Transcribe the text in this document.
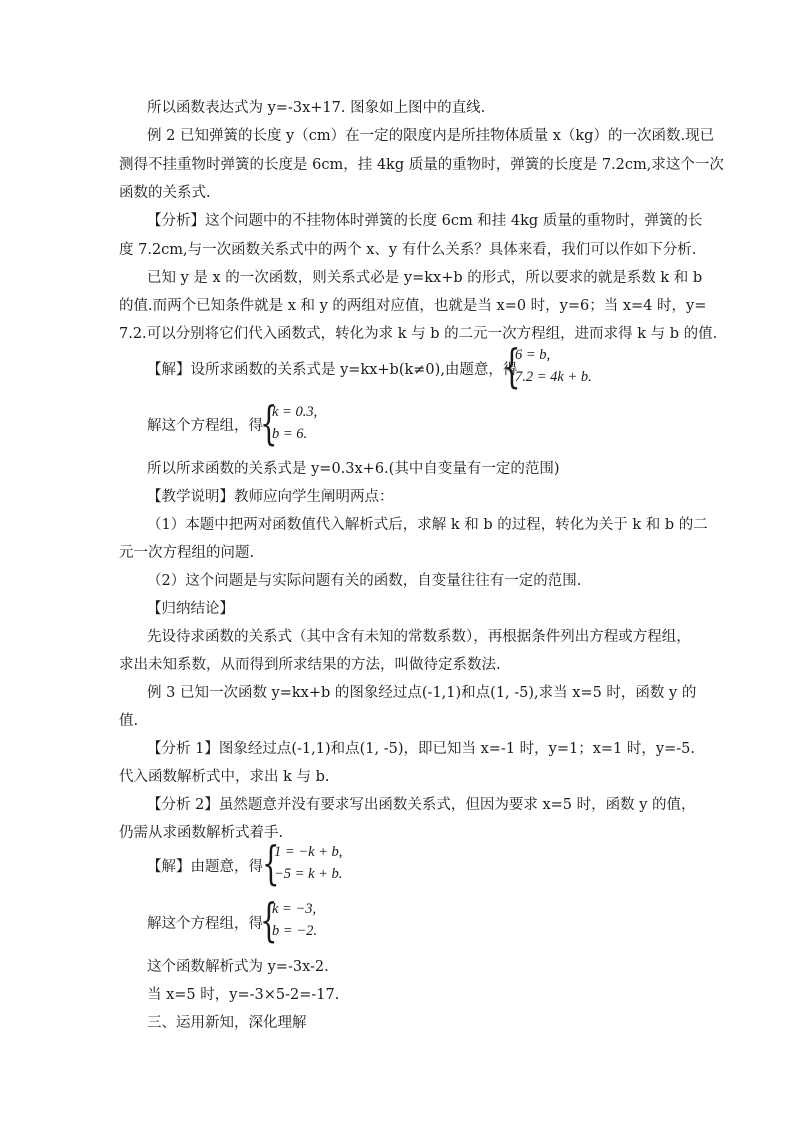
所以函数表达式为 y=-3x+17. 图象如上图中的直线.
例 2 已知弹簧的长度 y（cm）在一定的限度内是所挂物体质量 x（kg）的一次函数.现已
测得不挂重物时弹簧的长度是 6cm，挂 4kg 质量的重物时，弹簧的长度是 7.2cm,求这个一次
函数的关系式.
【分析】这个问题中的不挂物体时弹簧的长度 6cm 和挂 4kg 质量的重物时，弹簧的长
度 7.2cm,与一次函数关系式中的两个 x、y 有什么关系？具体来看，我们可以作如下分析.
已知 y 是 x 的一次函数，则关系式必是 y=kx+b 的形式，所以要求的就是系数 k 和 b
的值.而两个已知条件就是 x 和 y 的两组对应值，也就是当 x=0 时，y=6；当 x=4 时，y=
7.2.可以分别将它们代入函数式，转化为求 k 与 b 的二元一次方程组，进而求得 k 与 b 的值.
【解】设所求函数的关系式是 y=kx+b(k≠0),由题意，得
{
6 = b,
7.2 = 4k + b.
解这个方程组，得
{
k = 0.3,
b = 6.
所以所求函数的关系式是 y=0.3x+6.(其中自变量有一定的范围)
【教学说明】教师应向学生阐明两点：
（1）本题中把两对函数值代入解析式后，求解 k 和 b 的过程，转化为关于 k 和 b 的二
元一次方程组的问题.
（2）这个问题是与实际问题有关的函数，自变量往往有一定的范围.
【归纳结论】
先设待求函数的关系式（其中含有未知的常数系数），再根据条件列出方程或方程组，
求出未知系数，从而得到所求结果的方法，叫做待定系数法.
例 3 已知一次函数 y=kx+b 的图象经过点(-1,1)和点(1, -5),求当 x=5 时，函数 y 的
值.
【分析 1】图象经过点(-1,1)和点(1, -5)，即已知当 x=-1 时，y=1；x=1 时，y=-5.
代入函数解析式中，求出 k 与 b.
【分析 2】虽然题意并没有要求写出函数关系式，但因为要求 x=5 时，函数 y 的值，
仍需从求函数解析式着手.
【解】由题意，得 {
1 = −k + b,
−5 = k + b.
解这个方程组，得
{
k = −3,
b = −2.
这个函数解析式为 y=-3x-2.
当 x=5 时，y=-3×5-2=-17.
三、运用新知，深化理解
